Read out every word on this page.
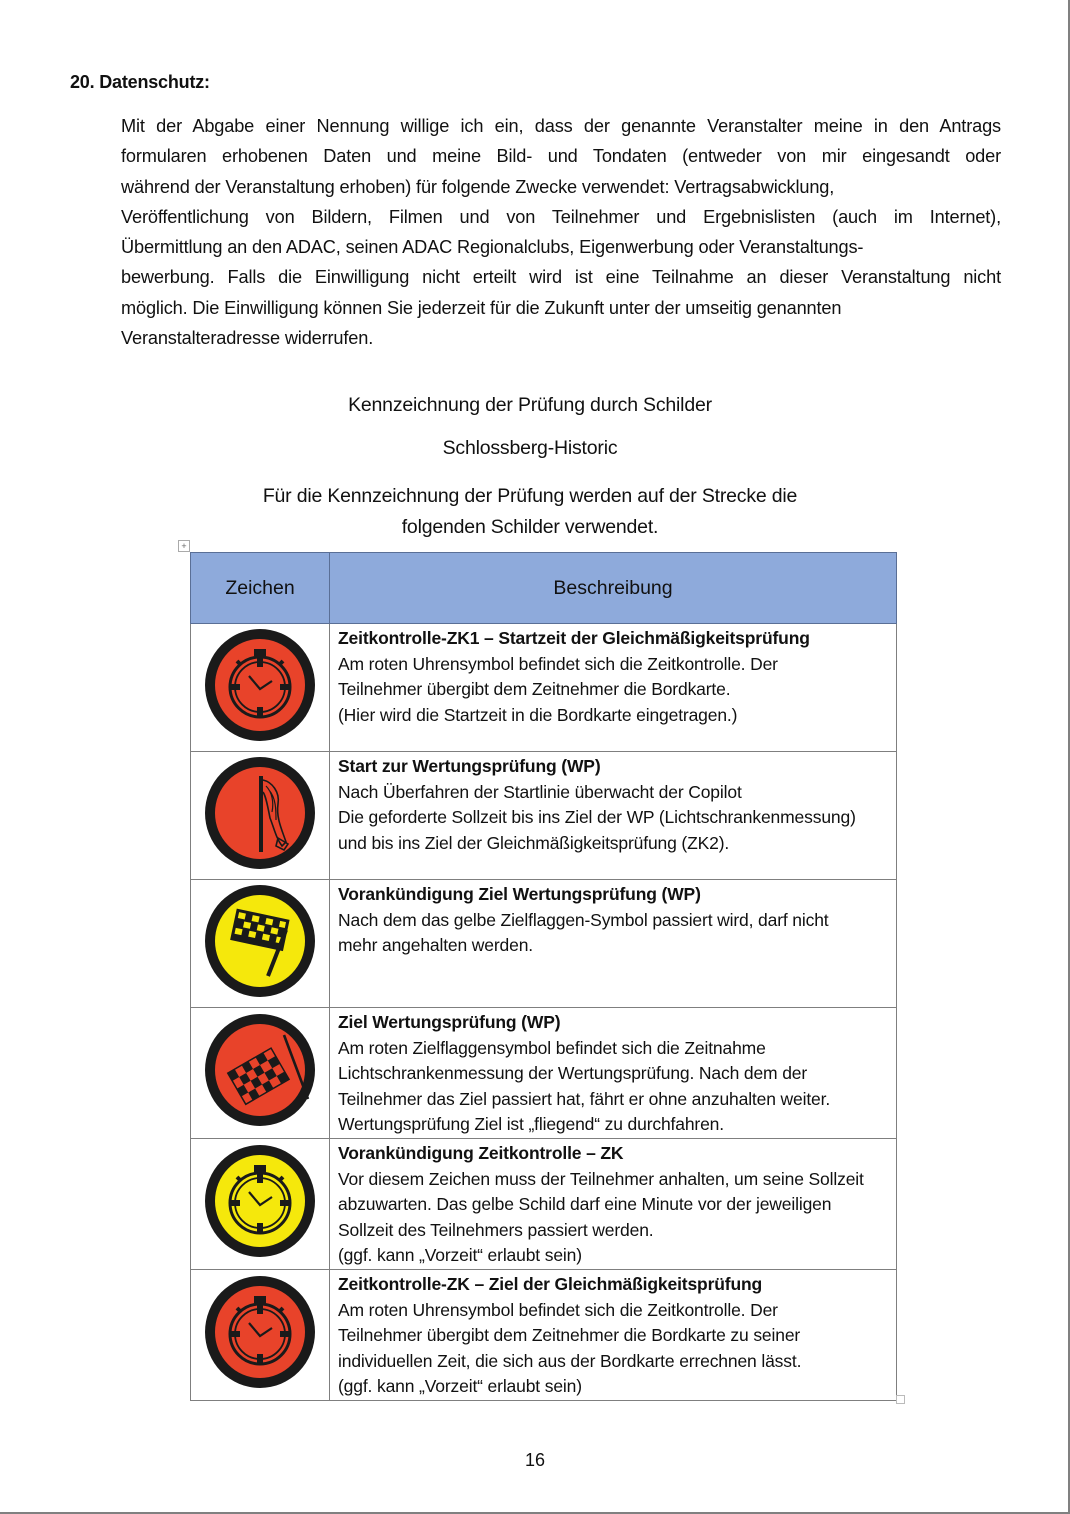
20. Datenschutz:
Mit der Abgabe einer Nennung willige ich ein, dass der genannte Veranstalter meine in den Antrags
formularen erhobenen Daten und meine Bild- und Tondaten (entweder von mir eingesandt oder
während der Veranstaltung erhoben) für folgende Zwecke verwendet: Vertragsabwicklung,
Veröffentlichung von Bildern, Filmen und von Teilnehmer und Ergebnislisten (auch im Internet),
Übermittlung an den ADAC, seinen ADAC Regionalclubs, Eigenwerbung oder Veranstaltungs-
bewerbung. Falls die Einwilligung nicht erteilt wird ist eine Teilnahme an dieser Veranstaltung nicht
möglich. Die Einwilligung können Sie jederzeit für die Zukunft unter der umseitig genannten
Veranstalteradresse widerrufen.
Kennzeichnung der Prüfung durch Schilder
Schlossberg-Historic
Für die Kennzeichnung der Prüfung werden auf der Strecke die
folgenden Schilder verwendet.
+
Zeichen	Beschreibung

Zeitkontrolle-ZK1 – Startzeit der Gleichmäßigkeitsprüfung
Am roten Uhrensymbol befindet sich die Zeitkontrolle. Der
Teilnehmer übergibt dem Zeitnehmer die Bordkarte.
(Hier wird die Startzeit in die Bordkarte eingetragen.)

Start zur Wertungsprüfung (WP)
Nach Überfahren der Startlinie überwacht der Copilot
Die geforderte Sollzeit bis ins Ziel der WP (Lichtschrankenmessung)
und bis ins Ziel der Gleichmäßigkeitsprüfung (ZK2).

Vorankündigung Ziel Wertungsprüfung (WP)
Nach dem das gelbe Zielflaggen-Symbol passiert wird, darf nicht
mehr angehalten werden.

Ziel Wertungsprüfung (WP)
Am roten Zielflaggensymbol befindet sich die Zeitnahme
Lichtschrankenmessung der Wertungsprüfung. Nach dem der
Teilnehmer das Ziel passiert hat, fährt er ohne anzuhalten weiter.
Wertungsprüfung Ziel ist „fliegend“ zu durchfahren.

Vorankündigung Zeitkontrolle – ZK
Vor diesem Zeichen muss der Teilnehmer anhalten, um seine Sollzeit
abzuwarten. Das gelbe Schild darf eine Minute vor der jeweiligen
Sollzeit des Teilnehmers passiert werden.
(ggf. kann „Vorzeit“ erlaubt sein)

Zeitkontrolle-ZK – Ziel der Gleichmäßigkeitsprüfung
Am roten Uhrensymbol befindet sich die Zeitkontrolle. Der
Teilnehmer übergibt dem Zeitnehmer die Bordkarte zu seiner
individuellen Zeit, die sich aus der Bordkarte errechnen lässt.
(ggf. kann „Vorzeit“ erlaubt sein)
16
